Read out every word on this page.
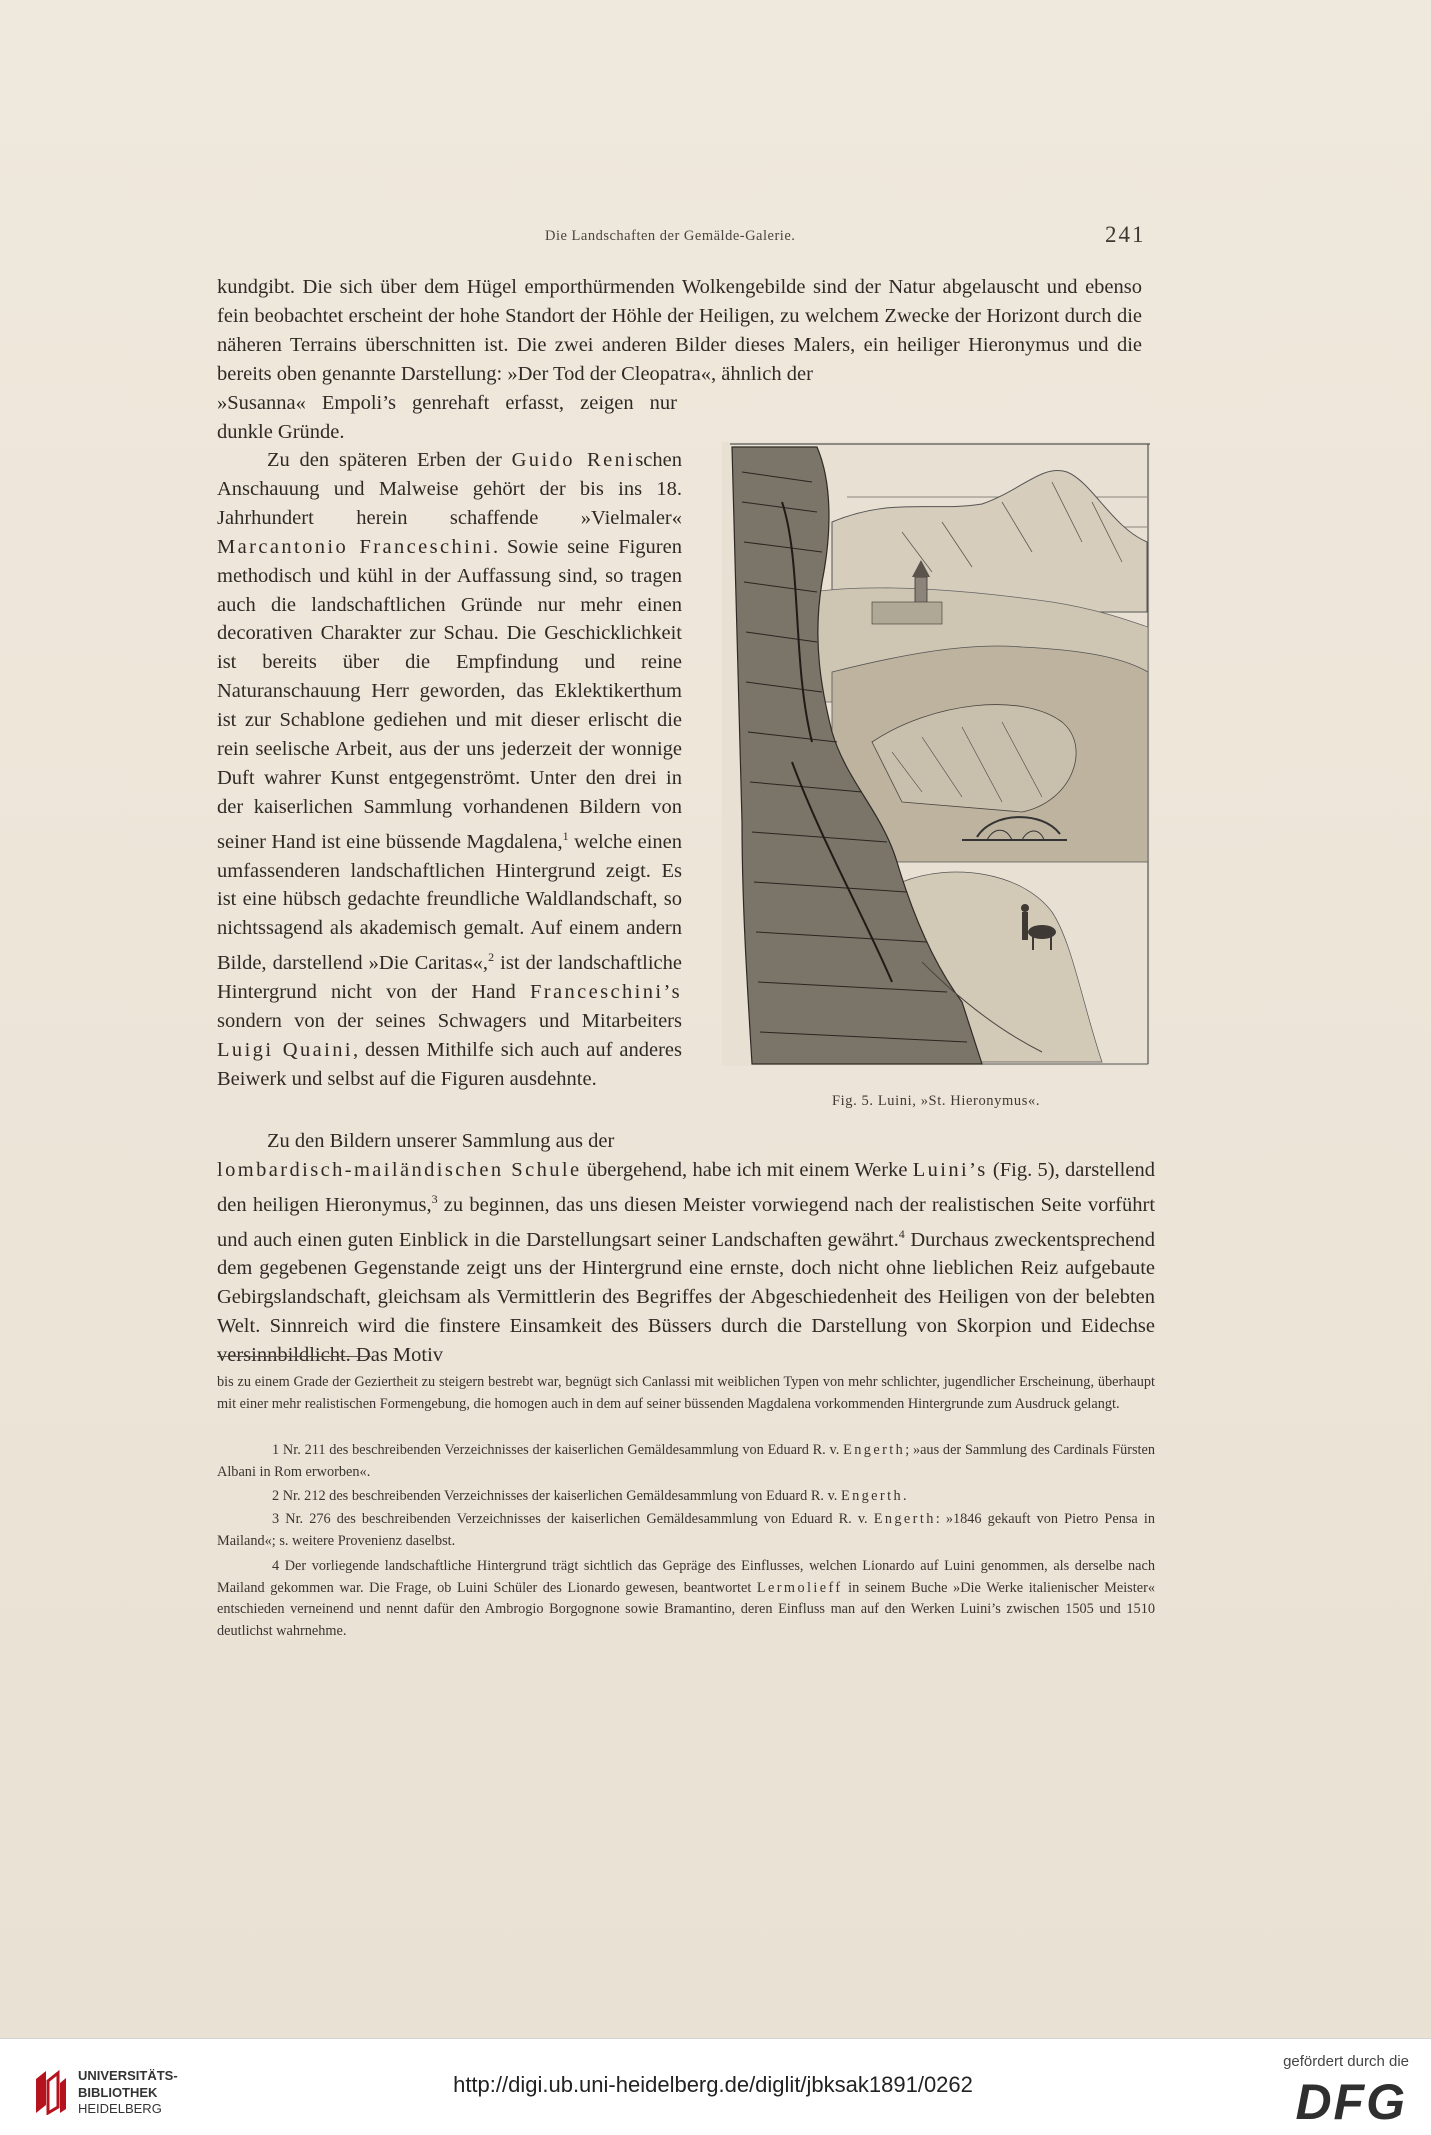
Die Landschaften der Gemälde-Galerie.	241

kundgibt. Die sich über dem Hügel emporthürmenden Wolkengebilde sind der Natur abgelauscht und ebenso fein beobachtet erscheint der hohe Standort der Höhle der Heiligen, zu welchem Zwecke der Horizont durch die näheren Terrains überschnitten ist. Die zwei anderen Bilder dieses Malers, ein heiliger Hieronymus und die bereits oben genannte Darstellung: »Der Tod der Cleopatra«, ähnlich der

»Susanna« Empoli’s genrehaft erfasst, zeigen nur dunkle Gründe.

Zu den späteren Erben der Guido Renischen Anschauung und Malweise gehört der bis ins 18. Jahrhundert herein schaffende »Vielmaler« Marcantonio Franceschini. Sowie seine Figuren methodisch und kühl in der Auffassung sind, so tragen auch die landschaftlichen Gründe nur mehr einen decorativen Charakter zur Schau. Die Geschicklichkeit ist bereits über die Empfindung und reine Naturanschauung Herr geworden, das Eklektikerthum ist zur Schablone gediehen und mit dieser erlischt die rein seelische Arbeit, aus der uns jederzeit der wonnige Duft wahrer Kunst entgegenströmt. Unter den drei in der kaiserlichen Sammlung vorhandenen Bildern von seiner Hand ist eine büssende Magdalena,$^1$ welche einen umfassenderen landschaftlichen Hintergrund zeigt. Es ist eine hübsch gedachte freundliche Waldlandschaft, so nichtssagend als akademisch gemalt. Auf einem andern Bilde, darstellend »Die Caritas«,$^2$ ist der landschaftliche Hintergrund nicht von der Hand Franceschini’s sondern von der seines Schwagers und Mitarbeiters Luigi Quaini, dessen Mithilfe sich auch auf anderes Beiwerk und selbst auf die Figuren ausdehnte.

Zu den Bildern unserer Sammlung aus der

lombardisch-mailändischen Schule übergehend, habe ich mit einem Werke Luini’s (Fig. 5), darstellend den heiligen Hieronymus,$^3$ zu beginnen, das uns diesen Meister vorwiegend nach der realistischen Seite vorführt und auch einen guten Einblick in die Darstellungsart seiner Landschaften gewährt.$^4$ Durchaus zweckentsprechend dem gegebenen Gegenstande zeigt uns der Hintergrund eine ernste, doch nicht ohne lieblichen Reiz aufgebaute Gebirgslandschaft, gleichsam als Vermittlerin des Begriffes der Abgeschiedenheit des Heiligen von der belebten Welt. Sinnreich wird die finstere Einsamkeit des Büssers durch die Darstellung von Skorpion und Eidechse versinnbildlicht. Das Motiv

Fig. 5. Luini, »St. Hieronymus«.

bis zu einem Grade der Geziertheit zu steigern bestrebt war, begnügt sich Canlassi mit weiblichen Typen von mehr schlichter, jugendlicher Erscheinung, überhaupt mit einer mehr realistischen Formengebung, die homogen auch in dem auf seiner büssenden Magdalena vorkommenden Hintergrunde zum Ausdruck gelangt.

1 Nr. 211 des beschreibenden Verzeichnisses der kaiserlichen Gemäldesammlung von Eduard R. v. Engerth; »aus der Sammlung des Cardinals Fürsten Albani in Rom erworben«.

2 Nr. 212 des beschreibenden Verzeichnisses der kaiserlichen Gemäldesammlung von Eduard R. v. Engerth.

3 Nr. 276 des beschreibenden Verzeichnisses der kaiserlichen Gemäldesammlung von Eduard R. v. Engerth: »1846 gekauft von Pietro Pensa in Mailand«; s. weitere Provenienz daselbst.

4 Der vorliegende landschaftliche Hintergrund trägt sichtlich das Gepräge des Einflusses, welchen Lionardo auf Luini genommen, als derselbe nach Mailand gekommen war. Die Frage, ob Luini Schüler des Lionardo gewesen, beantwortet Lermolieff in seinem Buche »Die Werke italienischer Meister« entschieden verneinend und nennt dafür den Ambrogio Borgognone sowie Bramantino, deren Einfluss man auf den Werken Luini’s zwischen 1505 und 1510 deutlichst wahrnehme.

UNIVERSITÄTS-
BIBLIOTHEK
HEIDELBERG
http://digi.ub.uni-heidelberg.de/diglit/jbksak1891/0262
gefördert durch die
DFG
